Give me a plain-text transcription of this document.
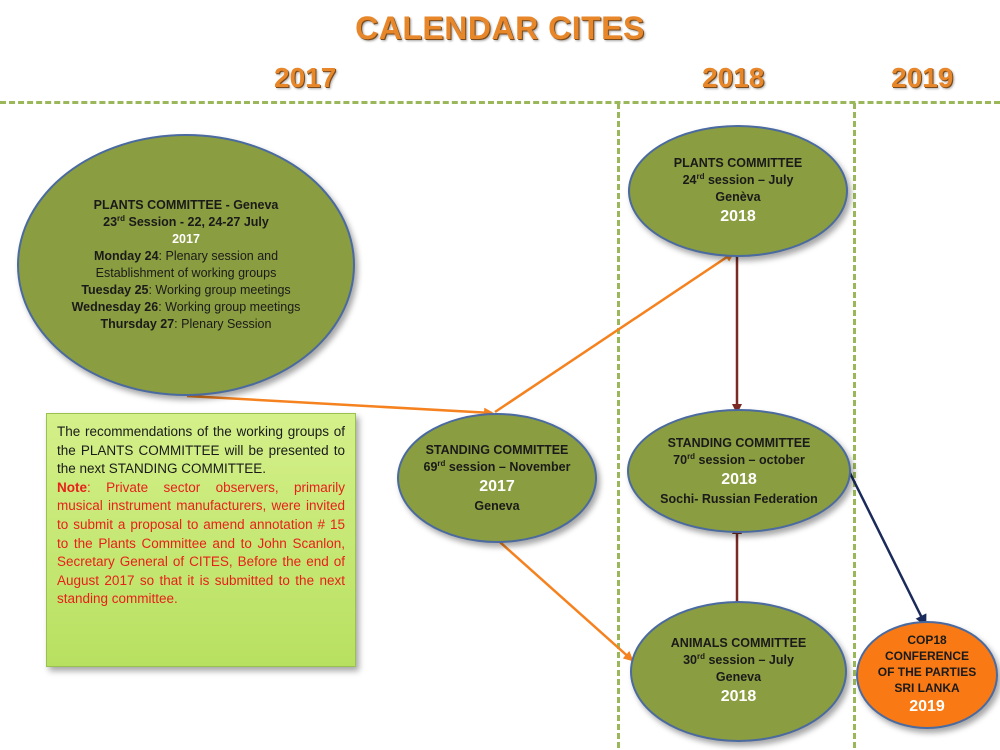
CALENDAR CITES
2017	2018	2019
PLANTS COMMITTEE - Geneva
23rd Session - 22, 24-27 July
2017
Monday 24: Plenary session and
Establishment of working groups
Tuesday 25: Working group meetings
Wednesday 26: Working group meetings
Thursday 27: Plenary Session
PLANTS COMMITTEE
24rd session – July
Genèva
2018
STANDING COMMITTEE
69rd session – November
2017
Geneva
STANDING COMMITTEE
70rd session – october
2018
Sochi- Russian Federation
ANIMALS COMMITTEE
30rd session – July
Geneva
2018
COP18
CONFERENCE
OF THE PARTIES
SRI LANKA
2019
The recommendations of the working groups of the PLANTS COMMITTEE will be presented to the next STANDING COMMITTEE.
Note: Private sector observers, primarily musical instrument manufacturers, were invited to submit a proposal to amend annotation # 15 to the Plants Committee and to John Scanlon, Secretary General of CITES, Before the end of August 2017 so that it is submitted to the next standing committee.
